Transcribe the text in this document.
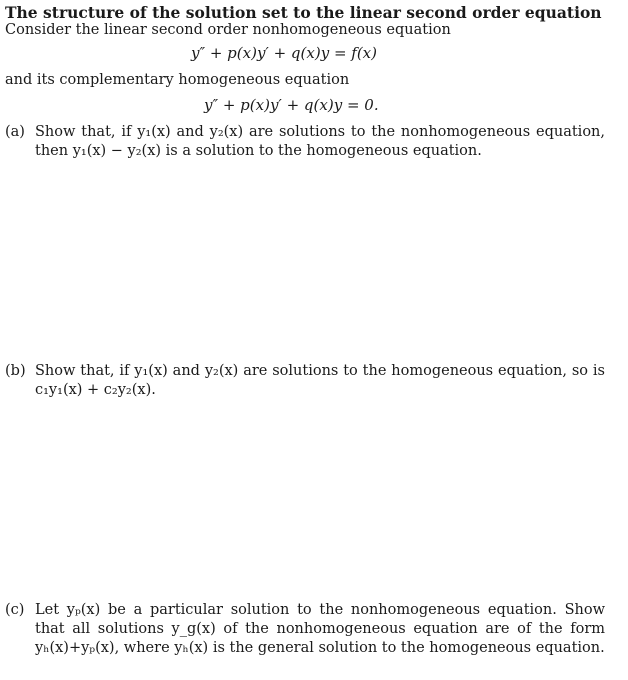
The structure of the solution set to the linear second order equation
Consider the linear second order nonhomogeneous equation
y″ + p(x)y′ + q(x)y = f(x)
and its complementary homogeneous equation
y″ + p(x)y′ + q(x)y = 0.
(a) Show that, if y₁(x) and y₂(x) are solutions to the nonhomogeneous equation, then y₁(x) − y₂(x) is a solution to the homogeneous equation.
(b) Show that, if y₁(x) and y₂(x) are solutions to the homogeneous equation, so is c₁y₁(x) + c₂y₂(x).
(c) Let yₚ(x) be a particular solution to the nonhomogeneous equation. Show that all solutions y_g(x) of the nonhomogeneous equation are of the form yₕ(x)+yₚ(x), where yₕ(x) is the general solution to the homogeneous equation.
